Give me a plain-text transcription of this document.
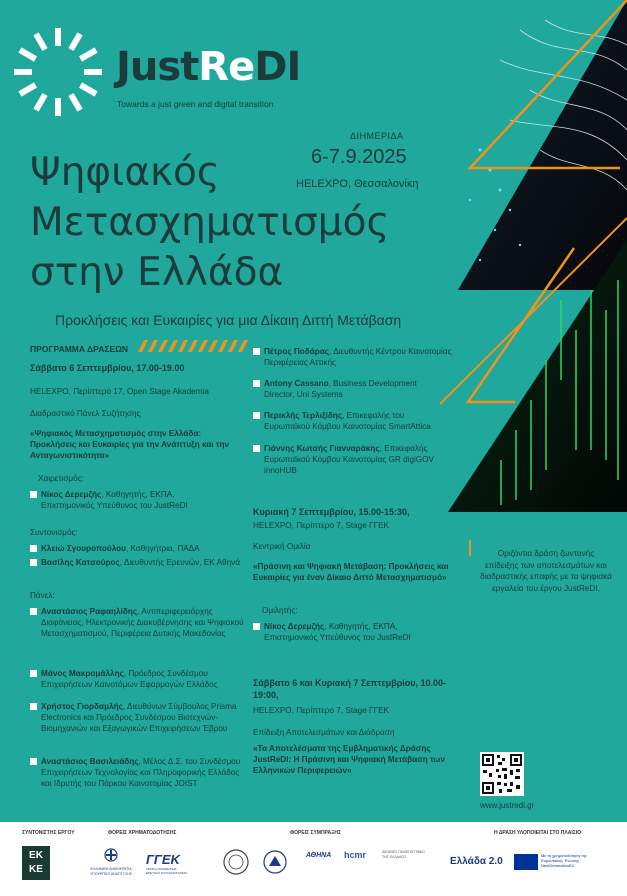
JustReDI
Towards a just green and digital transition
ΔΙΗΜΕΡΙΔΑ
6-7.9.2025
HELEXPO, Θεσσαλονίκη
Ψηφιακός
Μετασχηματισμός
στην Ελλάδα
Προκλήσεις και Ευκαιρίες για μια Δίκαιη Διττή Μετάβαση
ΠΡΟΓΡΑΜΜΑ ΔΡΑΣΕΩΝ
Σάββατο 6 Σεπτεμβρίου, 17.00-19.00
HELEXPO, Περίπτερο 17, Open Stage Akademia
Διαδραστικό Πάνελ Συζήτησης
«Ψηφιακός Μετασχηματισμός στην Ελλάδα: Προκλήσεις και Ευκαιρίες για την Ανάπτυξη και την Ανταγωνιστικότητα»
Χαιρετισμός:
Νίκος Δερεμζής, Καθηγητής, ΕΚΠΑ, Επιστημονικός Υπεύθυνος του JustReDI
Συντονισμός:
Κλειώ Σγουροπούλου, Καθηγήτρια, ΠΑΔΑ
Βασίλης Κατσούρος, Διευθυντής Ερευνών, ΕΚ Αθηνά
Πάνελ:
Αναστάσιος Ραφαηλίδης, Αντιπεριφερειάρχης Διαφάνειας, Ηλεκτρονικής Διακυβέρνησης και Ψηφιακού Μετασχηματισμού, Περιφέρεια Δυτικής Μακεδονίας
Μάνος Μακρομάλλης, Πρόεδρος Συνδέσμου Επιχειρήσεων Καινοτόμων Εφαρμογών Ελλάδος
Χρήστος Γιορδαμλής, Διευθύνων Σύμβουλος Prisma Electronics και Πρόεδρος Συνδέσμου Βιοτεχνών-Βιομηχανιών και Εξαγωγικών Επιχειρήσεων Έβρου
Αναστάσιος Βασιλειάδης, Μέλος Δ.Σ. του Συνδέσμου Επιχειρήσεων Τεχνολογίας και Πληροφορικής Ελλάδος και Ιδρυτής του Πάρκου Καινοτομίας JOIST
Πέτρος Ποδάρας, Διευθυντής Κέντρου Καινοτομίας Περιφέρειας Αττικής
Antony Cassano, Business Development Director, Uni Systems
Περικλής Τερλιξίδης, Επικεφαλής του Ευρωπαϊκού Κόμβου Καινοτομίας SmartAttica
Γιάννης Κωτσής Γιανναράκης, Επικεφαλής Ευρωπαϊκού Κόμβου Καινοτομίας GR digiGOV innoHUB
Κυριακή 7 Σεπτεμβρίου, 15.00-15:30,
HELEXPO, Περίπτερο 7, Stage ΓΓΕΚ
Κεντρική Ομιλία
«Πράσινη και Ψηφιακή Μετάβαση: Προκλήσεις και Ευκαιρίες για έναν Δίκαιο Διττό Μετασχηματισμό»
Ομιλητής:
Νίκος Δερεμζής, Καθηγητής, ΕΚΠΑ, Επιστημονικός Υπεύθυνος του JustReDI
Σάββατο 6 και Κυριακή 7 Σεπτεμβρίου, 10.00-19:00,
HELEXPO, Περίπτερο 7, Stage ΓΓΕΚ
Επίδειξη Αποτελεσμάτων και Διάδραση
«Τα Αποτελέσματα της Εμβληματικής Δράσης JustReDI: Η Πράσινη και Ψηφιακή Μετάβαση των Ελληνικών Περιφερειών»
Οριζόντια δράση ζωντανής επίδειξης των αποτελεσμάτων και διαδραστικής επαφής με τα ψηφιακά εργαλεία του έργου JustReDI.
www.justredi.gr
ΣΥΝΤΟΝΙΣΤΗΣ ΕΡΓΟΥ	ΦΟΡΕΙΣ ΧΡΗΜΑΤΟΔΟΤΗΣΗΣ	ΦΟΡΕΙΣ ΣΥΜΠΡΑΞΗΣ	Η ΔΡΑΣΗ ΥΛΟΠΟΙΕΙΤΑΙ ΣΤΟ ΠΛΑΙΣΙΟ
ΕΚ ΚΕ	ΕΛΛΗΝΙΚΗ ΔΗΜΟΚΡΑΤΙΑ ΥΠΟΥΡΓΕΙΟ ΑΝΑΠΤΥΞΗΣ
ΓΓΕΚ
ΓΕΝΙΚΗ ΓΡΑΜΜΑΤΕΙΑ ΕΡΕΥΝΑΣ ΚΑΙ ΚΑΙΝΟΤΟΜΙΑΣ
ΑΘΗΝΑ	hcmr	ΔΙΕΘΝΕΣ ΠΑΝΕΠΙΣΤΗΜΙΟ ΤΗΣ ΕΛΛΑΔΟΣ	Ελλάδα 2.0
Με τη χρηματοδότηση της Ευρωπαϊκής Ένωσης NextGenerationEU
